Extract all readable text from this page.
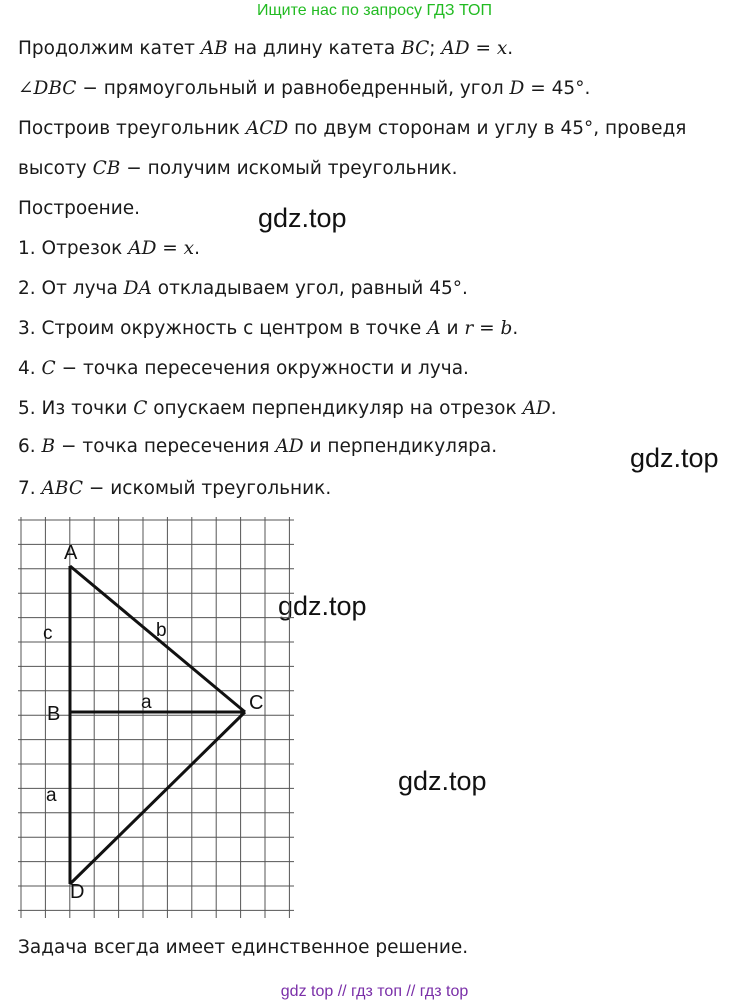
Ищите нас по запросу ГДЗ ТОП
Продолжим катет AB на длину катета BC; AD = x.
∠DBC − прямоугольный и равнобедренный, угол D = 45°.
Построив треугольник ACD по двум сторонам и углу в 45°, проведя
высоту CB − получим искомый треугольник.
Построение.
1. Отрезок AD = x.
2. От луча DA откладываем угол, равный 45°.
3. Строим окружность с центром в точке A и r = b.
4. C − точка пересечения окружности и луча.
5. Из точки C опускаем перпендикуляр на отрезок AD.
6. B − точка пересечения AD и перпендикуляра.
7. ABC − искомый треугольник.
gdz.top
gdz.top
gdz.top
gdz.top
A
B	C
D
c	b
a
a
Задача всегда имеет единственное решение.
gdz top // гдз топ // гдз top
